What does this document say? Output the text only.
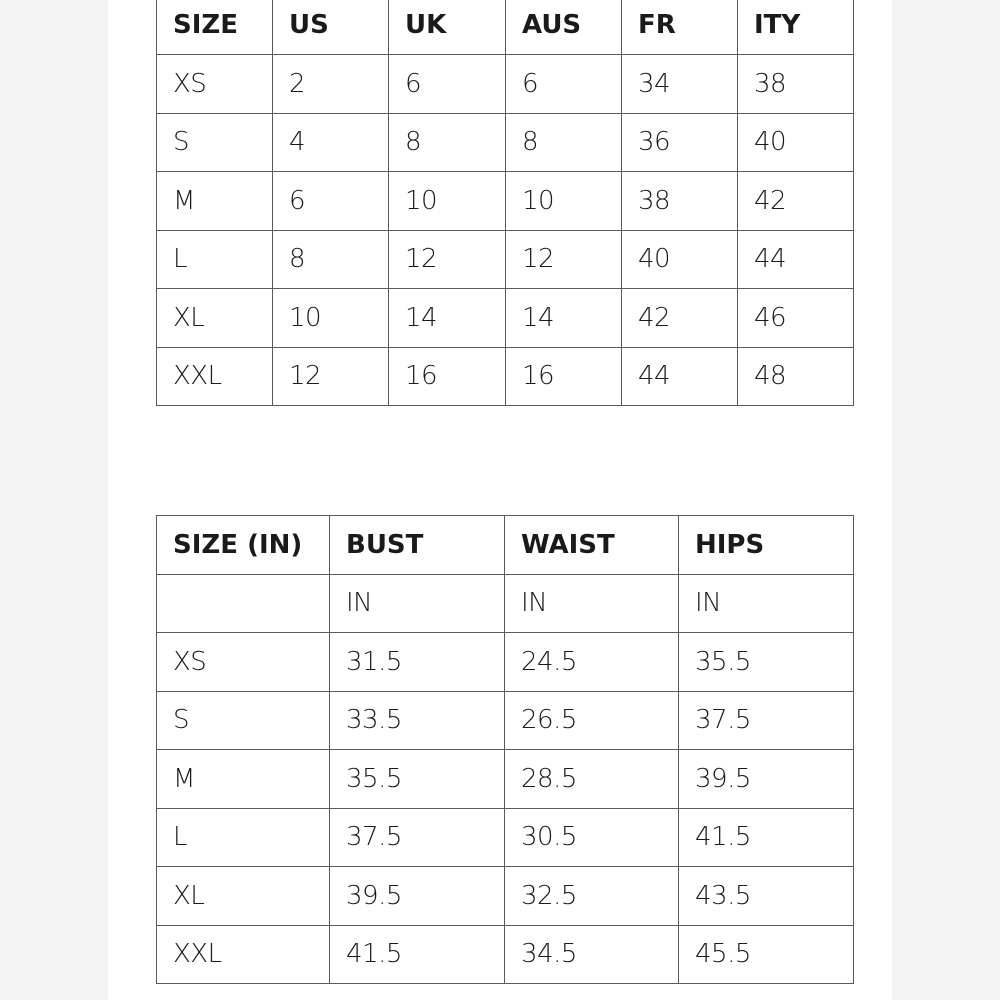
SIZE	US	UK	AUS	FR	ITY
XS	2	6	6	34	38
S	4	8	8	36	40
M	6	10	10	38	42
L	8	12	12	40	44
XL	10	14	14	42	46
XXL	12	16	16	44	48
SIZE (IN)	BUST	WAIST	HIPS
	IN	IN	IN
XS	31.5	24.5	35.5
S	33.5	26.5	37.5
M	35.5	28.5	39.5
L	37.5	30.5	41.5
XL	39.5	32.5	43.5
XXL	41.5	34.5	45.5
